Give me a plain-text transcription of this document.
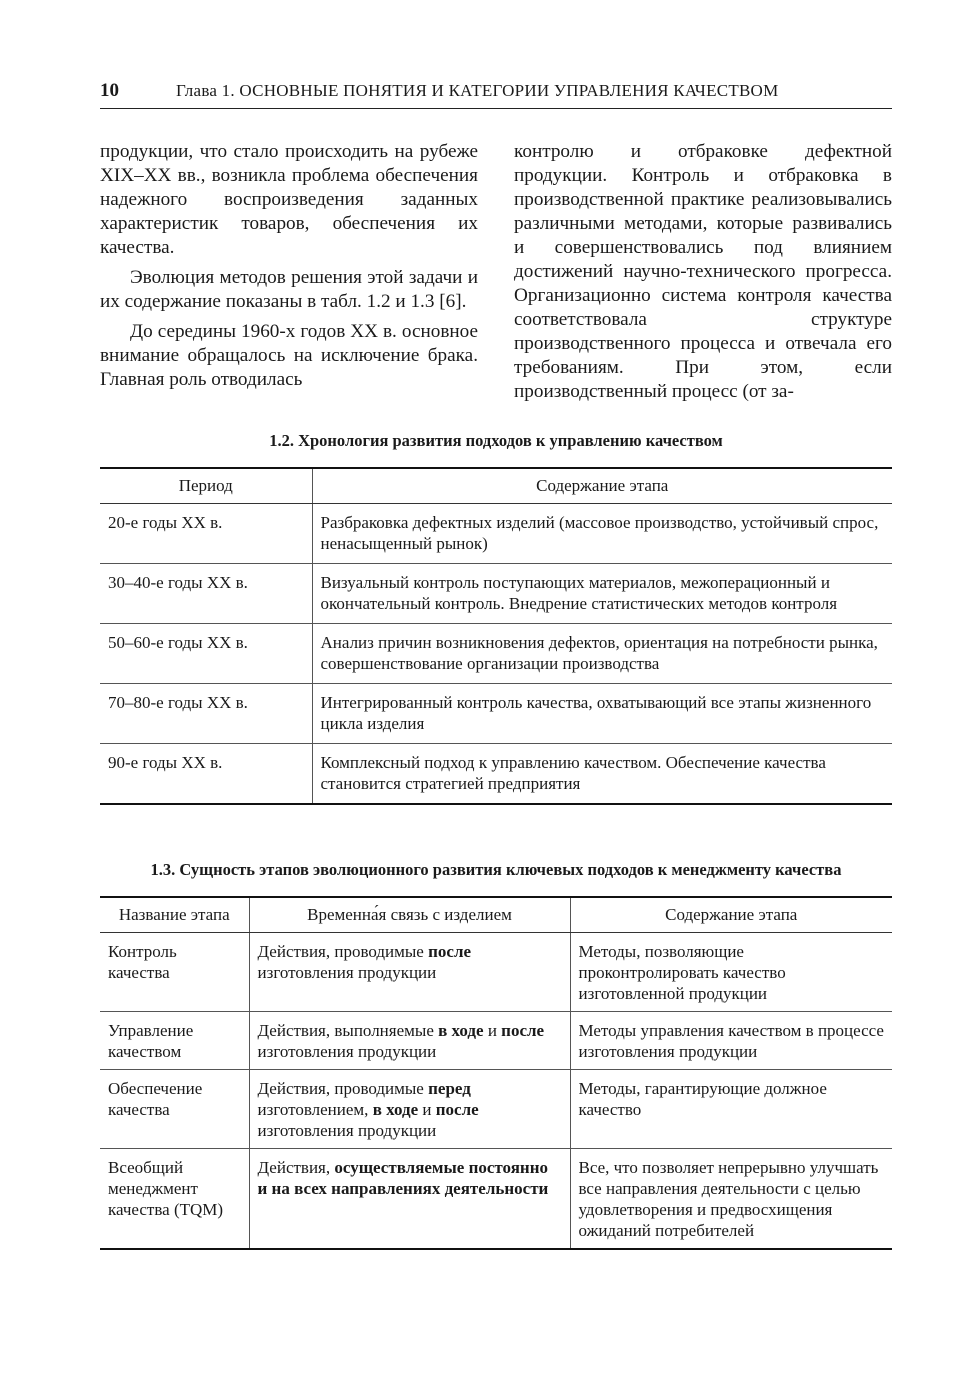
10	Глава 1. ОСНОВНЫЕ ПОНЯТИЯ И КАТЕГОРИИ УПРАВЛЕНИЯ КАЧЕСТВОМ

продукции, что стало происходить на рубеже XIX–XX вв., возникла проблема обеспечения надежного воспроизведения заданных характеристик товаров, обеспечения их качества.

Эволюция методов решения этой задачи и их содержание показаны в табл. 1.2 и 1.3 [6].

До середины 1960-х годов XX в. основное внимание обращалось на исключение брака. Главная роль отводилась

контролю и отбраковке дефектной продукции. Контроль и отбраковка в производственной практике реализовывались различными методами, которые развивались и совершенствовались под влиянием достижений научно-технического прогресса. Организационно система контроля качества соответствовала структуре производственного процесса и отвечала его требованиям. При этом, если производственный процесс (от за-

1.2. Хронология развития подходов к управлению качеством
Период	Содержание этапа
20-е годы XX в.	Разбраковка дефектных изделий (массовое производство, устойчивый спрос, ненасыщенный рынок)
30–40-е годы XX в.	Визуальный контроль поступающих материалов, межоперационный и окончательный контроль. Внедрение статистических методов контроля
50–60-е годы XX в.	Анализ причин возникновения дефектов, ориентация на потребности рынка, совершенствование организации производства
70–80-е годы XX в.	Интегрированный контроль качества, охватывающий все этапы жизненного цикла изделия
90-е годы XX в.	Комплексный подход к управлению качеством. Обеспечение качества становится стратегией предприятия
1.3. Сущность этапов эволюционного развития ключевых подходов к менеджменту качества
Название этапа	Временна́я связь с изделием	Содержание этапа
Контроль качества	Действия, проводимые после изготовления продукции	Методы, позволяющие проконтролировать качество изготовленной продукции
Управление качеством	Действия, выполняемые в ходе и после изготовления продукции	Методы управления качеством в процессе изготовления продукции
Обеспечение качества	Действия, проводимые перед изготовлением, в ходе и после изготовления продукции	Методы, гарантирующие должное качество
Всеобщий менеджмент качества (TQM)	Действия, осуществляемые постоянно и на всех направлениях деятельности	Все, что позволяет непрерывно улучшать все направления деятельности с целью удовлетворения и предвосхищения ожиданий потребителей
